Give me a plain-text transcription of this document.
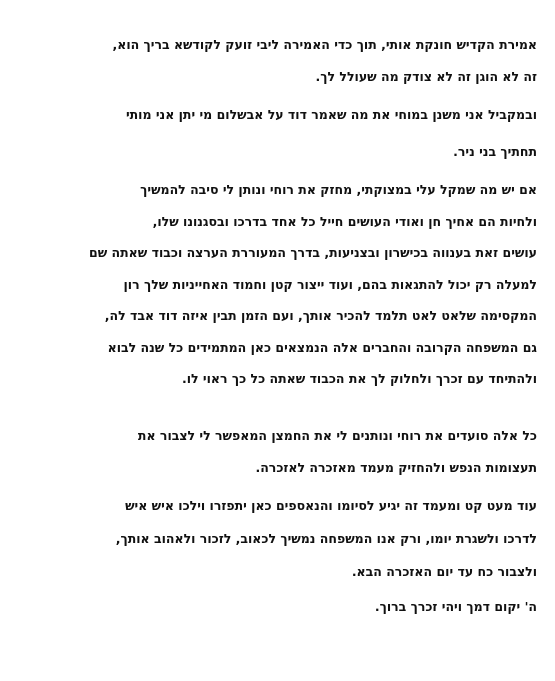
אמירת הקדיש חונקת אותי, תוך כדי האמירה ליבי זועק לקודשא בריך הוא,
זה לא הוגן זה לא צודק מה שעולל לך.
ובמקביל אני משנן במוחי את מה שאמר דוד על אבשלום מי יתן אני מותי
תחתיך בני ניר.
אם יש מה שמקל עלי במצוקתי, מחזק את רוחי ונותן לי סיבה להמשיך
ולחיות הם אחיך חן ואודי העושים חייל כל אחד בדרכו ובסגנונו שלו,
עושים זאת בענווה בכישרון ובצניעות, בדרך המעוררת הערצה וכבוד שאתה שם
למעלה רק יכול להתגאות בהם, ועוד ייצור קטן וחמוד האחייניות שלך רון
המקסימה שלאט לאט תלמד להכיר אותך, ועם הזמן תבין איזה דוד אבד לה,
גם המשפחה הקרובה והחברים אלה הנמצאים כאן המתמידים כל שנה לבוא
ולהתיחד עם זכרך ולחלוק לך את הכבוד שאתה כל כך ראוי לו.
כל אלה סועדים את רוחי ונותנים לי את החמצן המאפשר לי לצבור את
תעצומות הנפש ולהחזיק מעמד מאזכרה לאזכרה.
עוד מעט קט ומעמד זה יגיע לסיומו והנאספים כאן יתפזרו וילכו איש איש
לדרכו ולשגרת יומו, ורק אנו המשפחה נמשיך לכאוב, לזכור ולאהוב אותך,
ולצבור כח עד יום האזכרה הבא.
ה' יקום דמך ויהי זכרך ברוך.
